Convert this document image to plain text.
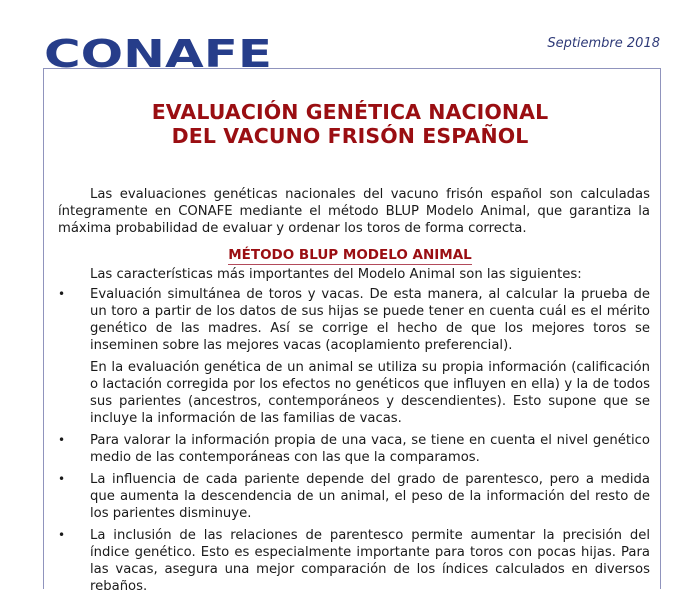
CONAFE	Septiembre 2018
EVALUACIÓN GENÉTICA NACIONAL
DEL VACUNO FRISÓN ESPAÑOL
Las evaluaciones genéticas nacionales del vacuno frisón español son calculadas íntegramente en CONAFE mediante el método BLUP Modelo Animal, que garantiza la máxima probabilidad de evaluar y ordenar los toros de forma correcta.
MÉTODO BLUP MODELO ANIMAL
Las características más importantes del Modelo Animal son las siguientes:
•	Evaluación simultánea de toros y vacas. De esta manera, al calcular la prueba de un toro a partir de los datos de sus hijas se puede tener en cuenta cuál es el mérito genético de las madres. Así se corrige el hecho de que los mejores toros se inseminen sobre las mejores vacas (acoplamiento preferencial).

En la evaluación genética de un animal se utiliza su propia información (calificación o lactación corregida por los efectos no genéticos que influyen en ella) y la de todos sus parientes (ancestros, contemporáneos y descendientes). Esto supone que se incluye la información de las familias de vacas.

•	Para valorar la información propia de una vaca, se tiene en cuenta el nivel genético medio de las contemporáneas con las que la comparamos.

•	La influencia de cada pariente depende del grado de parentesco, pero a medida que aumenta la descendencia de un animal, el peso de la información del resto de los parientes disminuye.

•	La inclusión de las relaciones de parentesco permite aumentar la precisión del índice genético. Esto es especialmente importante para toros con pocas hijas. Para las vacas, asegura una mejor comparación de los índices calculados en diversos rebaños.
